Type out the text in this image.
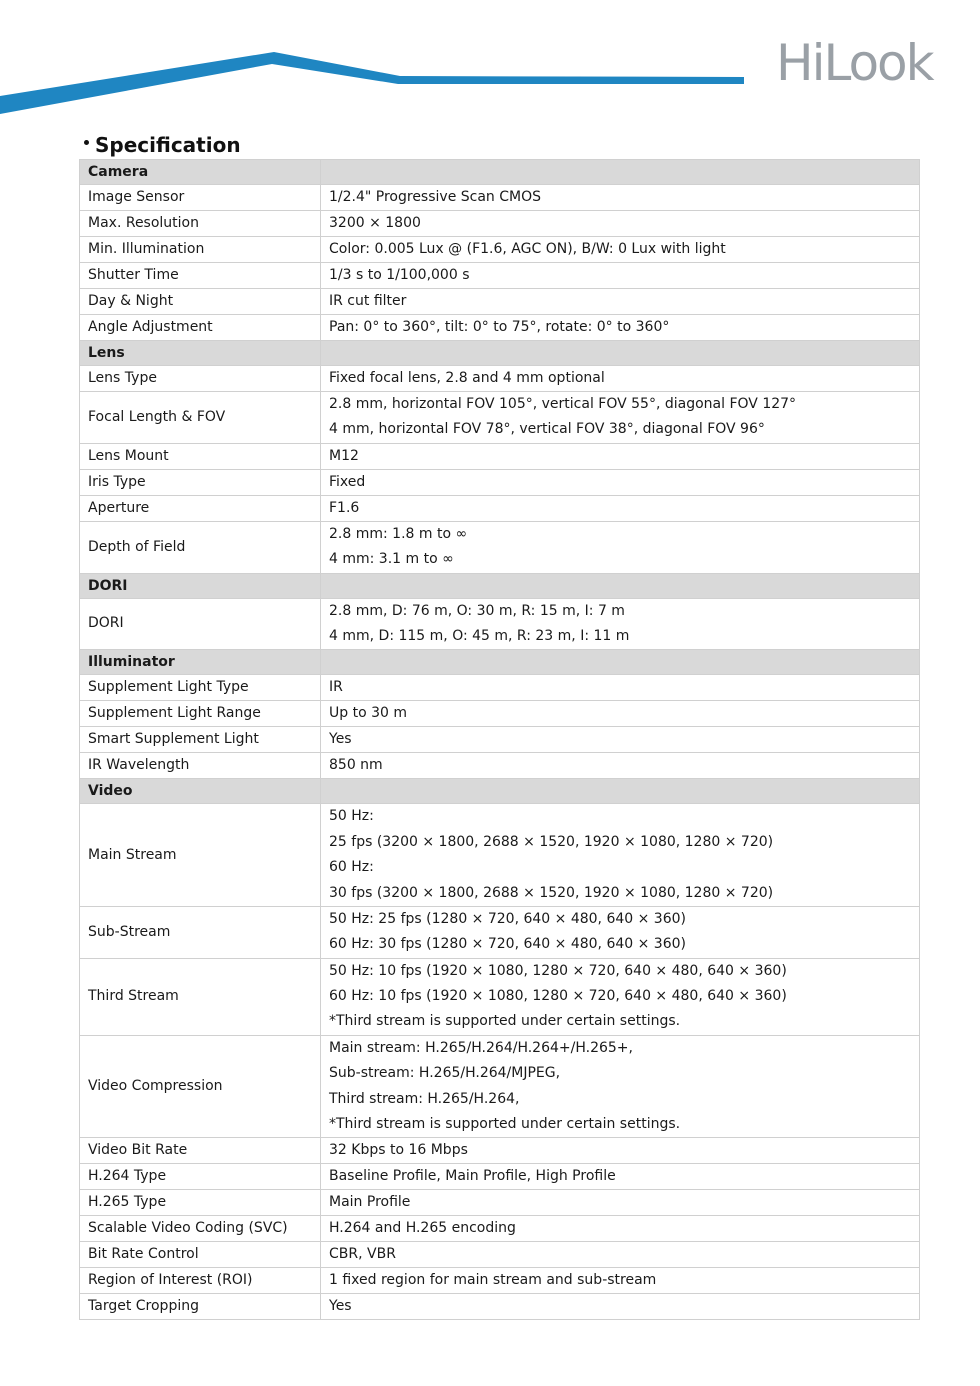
HiLook
Specification
Camera	
Image Sensor	1/2.4" Progressive Scan CMOS
Max. Resolution	3200 × 1800
Min. Illumination	Color: 0.005 Lux @ (F1.6, AGC ON), B/W: 0 Lux with light
Shutter Time	1/3 s to 1/100,000 s
Day & Night	IR cut filter
Angle Adjustment	Pan: 0° to 360°, tilt: 0° to 75°, rotate: 0° to 360°
Lens	
Lens Type	Fixed focal lens, 2.8 and 4 mm optional
Focal Length & FOV	2.8 mm, horizontal FOV 105°, vertical FOV 55°, diagonal FOV 127°
4 mm, horizontal FOV 78°, vertical FOV 38°, diagonal FOV 96°

Lens Mount	M12
Iris Type	Fixed
Aperture	F1.6
Depth of Field	2.8 mm: 1.8 m to ∞
4 mm: 3.1 m to ∞

DORI	
DORI	2.8 mm, D: 76 m, O: 30 m, R: 15 m, I: 7 m
4 mm, D: 115 m, O: 45 m, R: 23 m, I: 11 m

Illuminator	
Supplement Light Type	IR
Supplement Light Range	Up to 30 m
Smart Supplement Light	Yes
IR Wavelength	850 nm
Video	
Main Stream	50 Hz:
25 fps (3200 × 1800, 2688 × 1520, 1920 × 1080, 1280 × 720)
60 Hz:
30 fps (3200 × 1800, 2688 × 1520, 1920 × 1080, 1280 × 720)

Sub-Stream	50 Hz: 25 fps (1280 × 720, 640 × 480, 640 × 360)
60 Hz: 30 fps (1280 × 720, 640 × 480, 640 × 360)

Third Stream	50 Hz: 10 fps (1920 × 1080, 1280 × 720, 640 × 480, 640 × 360)
60 Hz: 10 fps (1920 × 1080, 1280 × 720, 640 × 480, 640 × 360)
*Third stream is supported under certain settings.

Video Compression	Main stream: H.265/H.264/H.264+/H.265+,
Sub-stream: H.265/H.264/MJPEG,
Third stream: H.265/H.264,
*Third stream is supported under certain settings.

Video Bit Rate	32 Kbps to 16 Mbps
H.264 Type	Baseline Profile, Main Profile, High Profile
H.265 Type	Main Profile
Scalable Video Coding (SVC)	H.264 and H.265 encoding
Bit Rate Control	CBR, VBR
Region of Interest (ROI)	1 fixed region for main stream and sub-stream
Target Cropping	Yes
